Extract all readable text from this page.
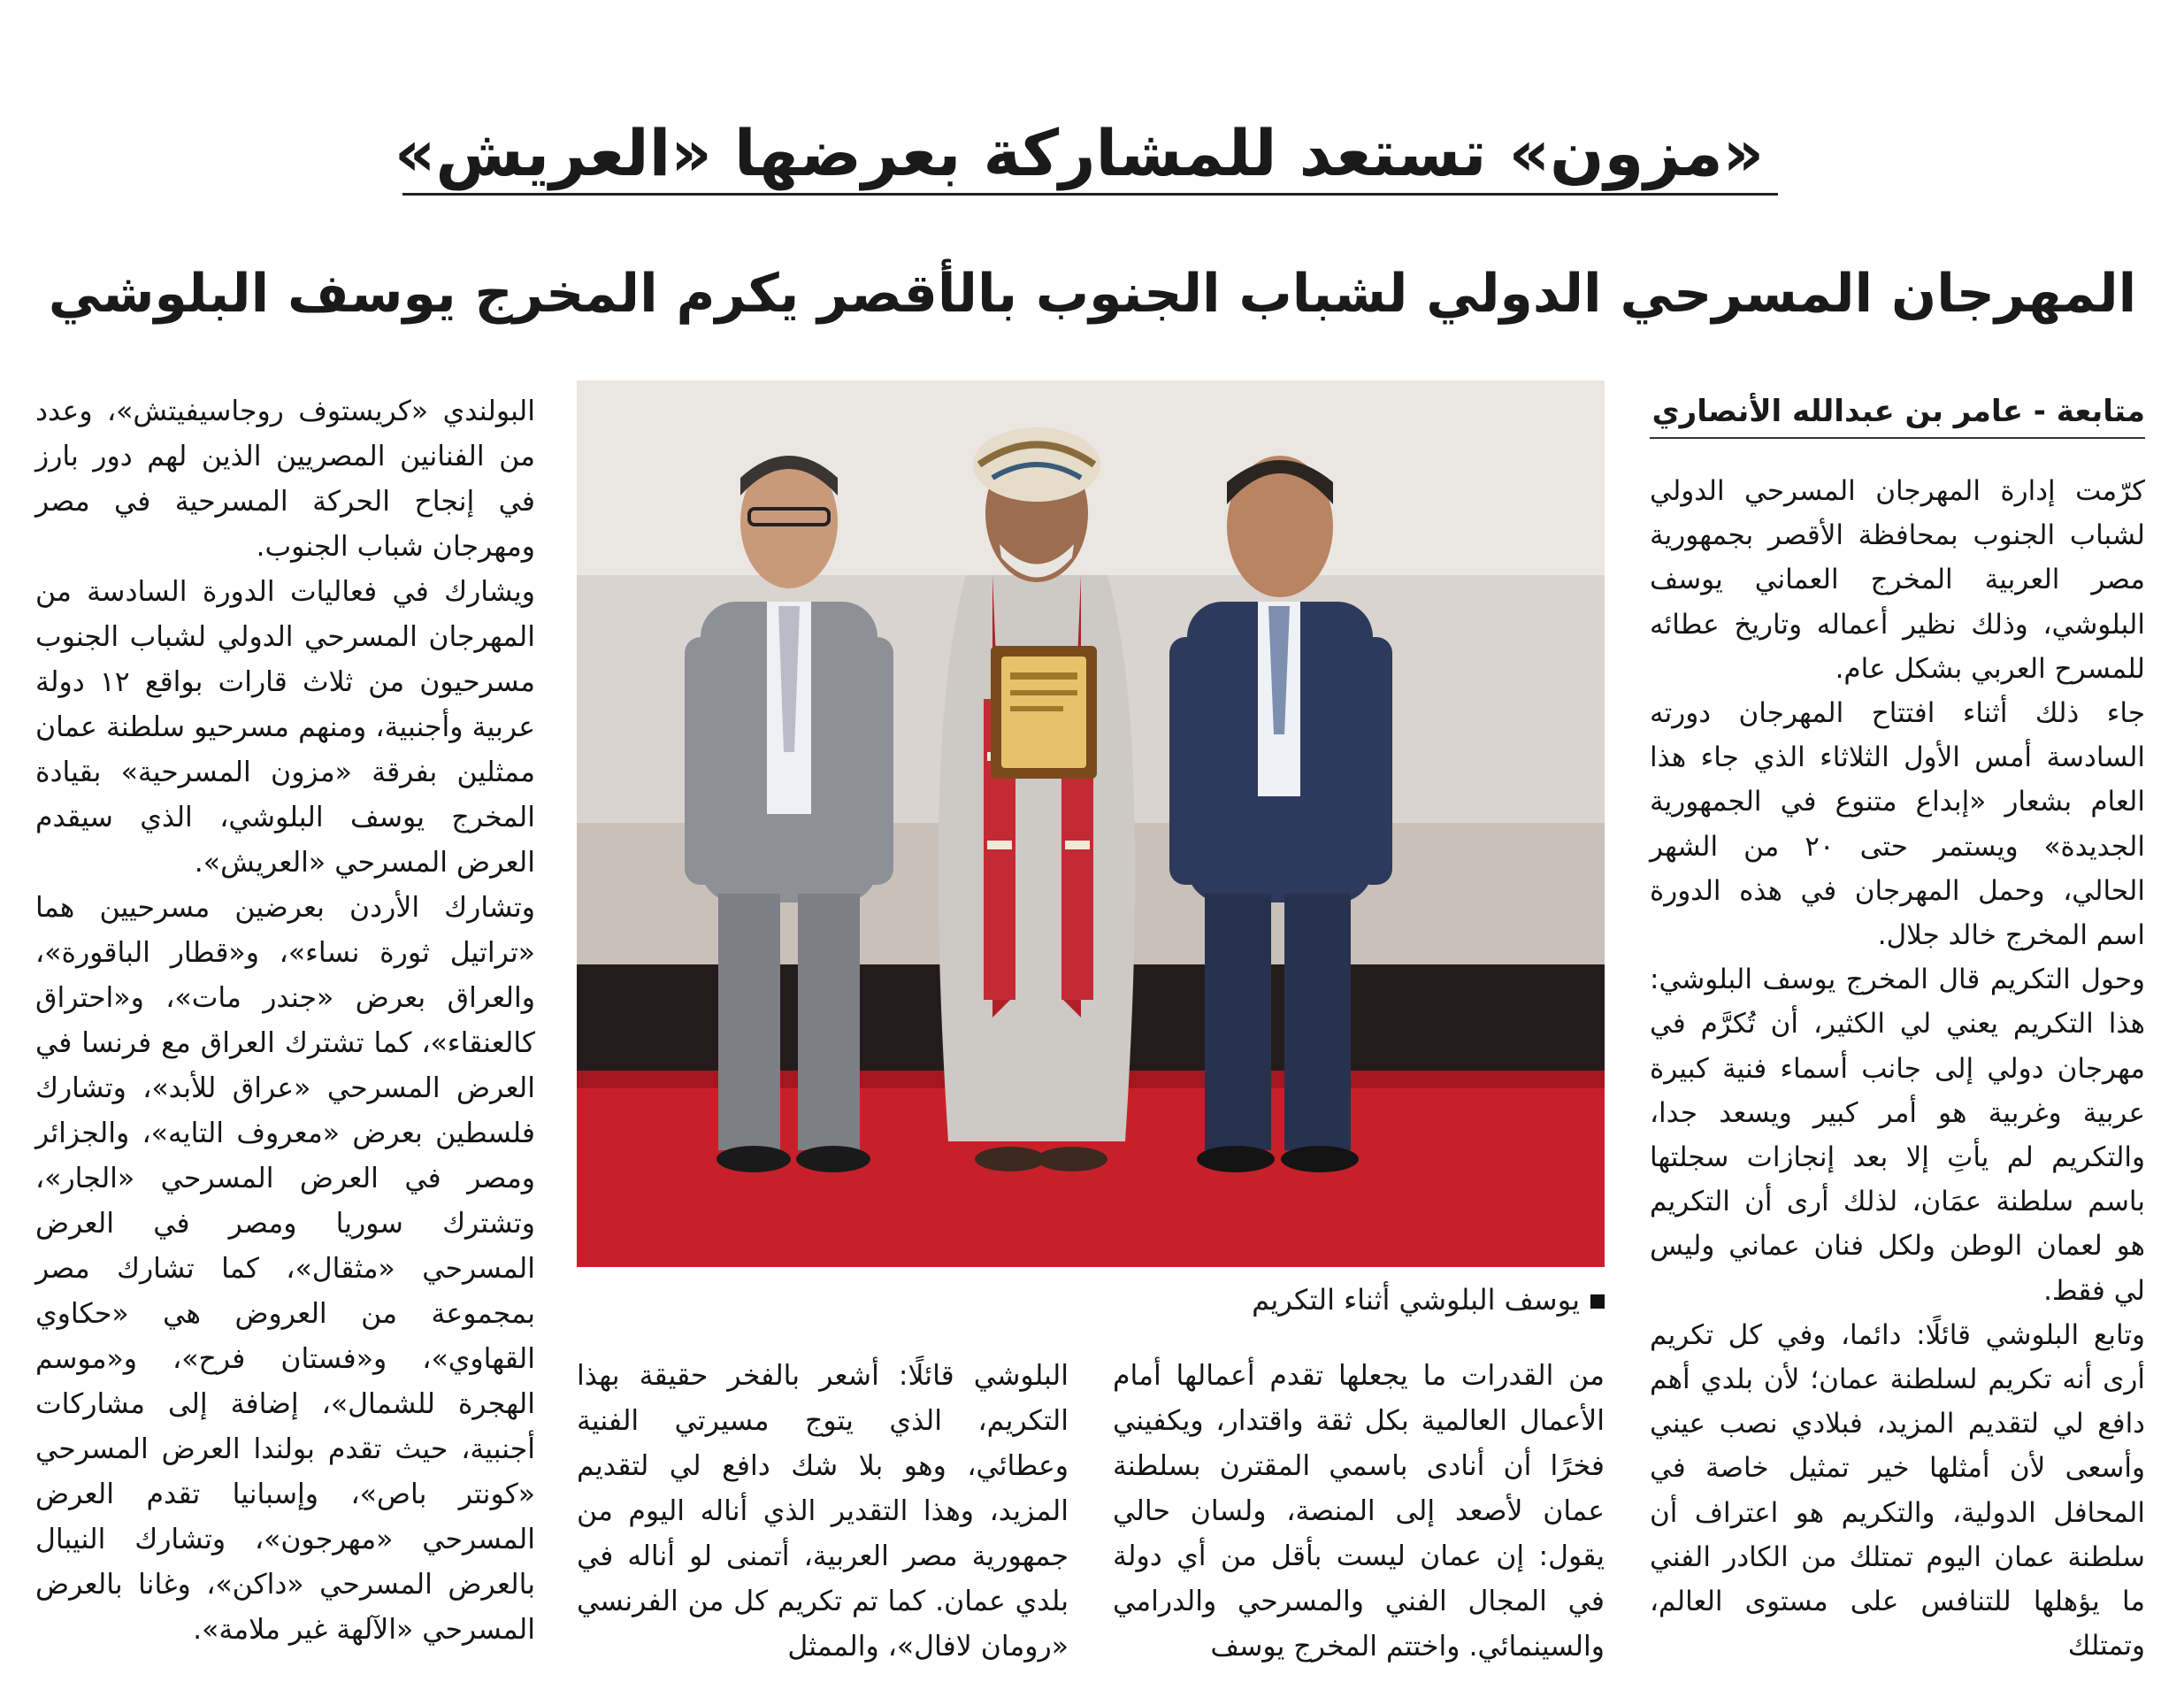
«مزون» تستعد للمشاركة بعرضها «العريش»
المهرجان المسرحي الدولي لشباب الجنوب بالأقصر يكرم المخرج يوسف البلوشي
متابعة - عامر بن عبدالله الأنصاري

كرّمت إدارة المهرجان المسرحي الدولي لشباب الجنوب بمحافظة الأقصر بجمهورية مصر العربية المخرج العماني يوسف البلوشي، وذلك نظير أعماله وتاريخ عطائه للمسرح العربي بشكل عام.

جاء ذلك أثناء افتتاح المهرجان دورته السادسة أمس الأول الثلاثاء الذي جاء هذا العام بشعار «إبداع متنوع في الجمهورية الجديدة» ويستمر حتى ٢٠ من الشهر الحالي، وحمل المهرجان في هذه الدورة اسم المخرج خالد جلال.

وحول التكريم قال المخرج يوسف البلوشي: هذا التكريم يعني لي الكثير، أن تُكرَّم في مهرجان دولي إلى جانب أسماء فنية كبيرة عربية وغربية هو أمر كبير ويسعد جدا، والتكريم لم يأتِ إلا بعد إنجازات سجلتها باسم سلطنة عمَان، لذلك أرى أن التكريم هو لعمان الوطن ولكل فنان عماني وليس لي فقط.

وتابع البلوشي قائلًا: دائما، وفي كل تكريم أرى أنه تكريم لسلطنة عمان؛ لأن بلدي أهم دافع لي لتقديم المزيد، فبلادي نصب عيني وأسعى لأن أمثلها خير تمثيل خاصة في المحافل الدولية، والتكريم هو اعتراف أن سلطنة عمان اليوم تمتلك من الكادر الفني ما يؤهلها للتنافس على مستوى العالم، وتمتلك

يوسف البلوشي أثناء التكريم

من القدرات ما يجعلها تقدم أعمالها أمام الأعمال العالمية بكل ثقة واقتدار، ويكفيني فخرًا أن أنادى باسمي المقترن بسلطنة عمان لأصعد إلى المنصة، ولسان حالي يقول: إن عمان ليست بأقل من أي دولة في المجال الفني والمسرحي والدرامي والسينمائي. واختتم المخرج يوسف

البلوشي قائلًا: أشعر بالفخر حقيقة بهذا التكريم، الذي يتوج مسيرتي الفنية وعطائي، وهو بلا شك دافع لي لتقديم المزيد، وهذا التقدير الذي أناله اليوم من جمهورية مصر العربية، أتمنى لو أناله في بلدي عمان. كما تم تكريم كل من الفرنسي «رومان لافال»، والممثل

البولندي «كريستوف روجاسيفيتش»، وعدد من الفنانين المصريين الذين لهم دور بارز في إنجاح الحركة المسرحية في مصر ومهرجان شباب الجنوب.

ويشارك في فعاليات الدورة السادسة من المهرجان المسرحي الدولي لشباب الجنوب مسرحيون من ثلاث قارات بواقع ١٢ دولة عربية وأجنبية، ومنهم مسرحيو سلطنة عمان ممثلين بفرقة «مزون المسرحية» بقيادة المخرج يوسف البلوشي، الذي سيقدم العرض المسرحي «العريش».

وتشارك الأردن بعرضين مسرحيين هما «تراتيل ثورة نساء»، و«قطار الباقورة»، والعراق بعرض «جندر مات»، و«احتراق كالعنقاء»، كما تشترك العراق مع فرنسا في العرض المسرحي «عراق للأبد»، وتشارك فلسطين بعرض «معروف التايه»، والجزائر ومصر في العرض المسرحي «الجار»، وتشترك سوريا ومصر في العرض المسرحي «مثقال»، كما تشارك مصر بمجموعة من العروض هي «حكاوي القهاوي»، و«فستان فرح»، و«موسم الهجرة للشمال»، إضافة إلى مشاركات أجنبية، حيث تقدم بولندا العرض المسرحي «كونتر باص»، وإسبانيا تقدم العرض المسرحي «مهرجون»، وتشارك النيبال بالعرض المسرحي «داكن»، وغانا بالعرض المسرحي «الآلهة غير ملامة».
